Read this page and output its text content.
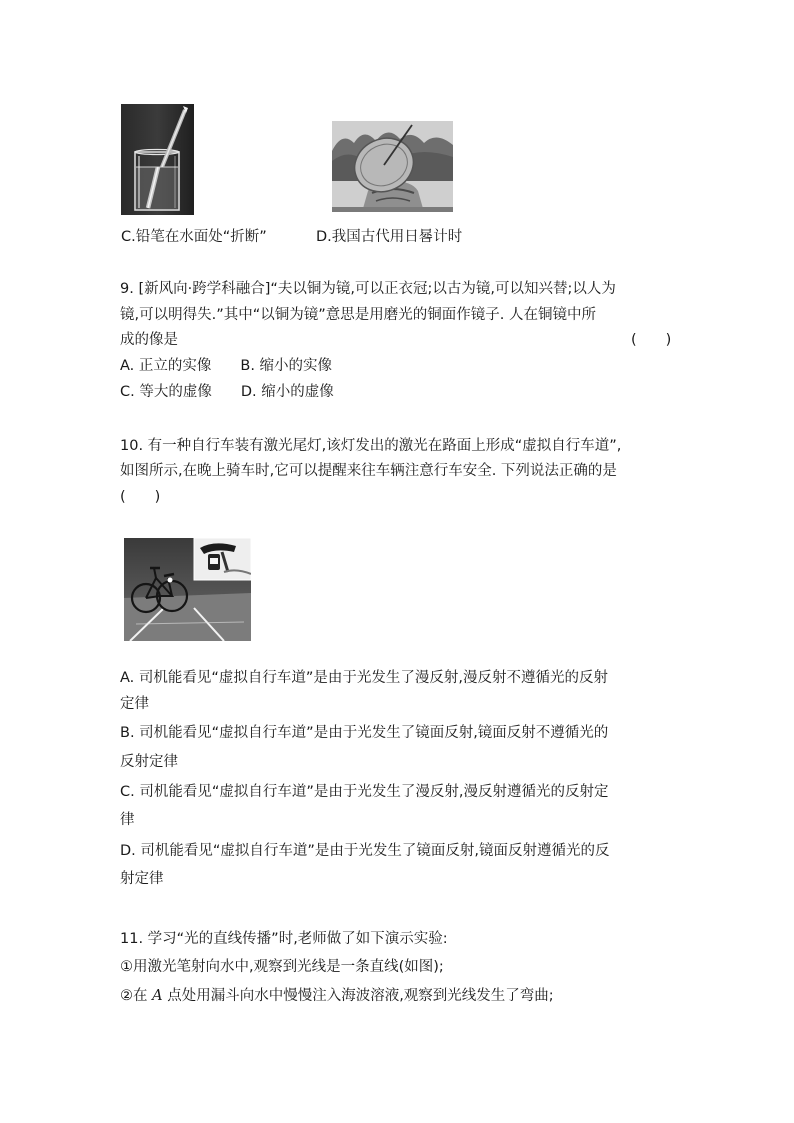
C.铅笔在水面处“折断”	D.我国古代用日晷计时
9. [新风向·跨学科融合]“夫以铜为镜,可以正衣冠;以古为镜,可以知兴替;以人为
镜,可以明得失.”其中“以铜为镜”意思是用磨光的铜面作镜子. 人在铜镜中所
成的像是	(　　)
A. 正立的实像　　B. 缩小的实像
C. 等大的虚像　　D. 缩小的虚像
10. 有一种自行车装有激光尾灯,该灯发出的激光在路面上形成“虚拟自行车道”,
如图所示,在晚上骑车时,它可以提醒来往车辆注意行车安全. 下列说法正确的是
(　　)
A. 司机能看见“虚拟自行车道”是由于光发生了漫反射,漫反射不遵循光的反射
定律
B. 司机能看见“虚拟自行车道”是由于光发生了镜面反射,镜面反射不遵循光的
反射定律
C. 司机能看见“虚拟自行车道”是由于光发生了漫反射,漫反射遵循光的反射定
律
D. 司机能看见“虚拟自行车道”是由于光发生了镜面反射,镜面反射遵循光的反
射定律
11. 学习“光的直线传播”时,老师做了如下演示实验:
①用激光笔射向水中,观察到光线是一条直线(如图);
②在 A 点处用漏斗向水中慢慢注入海波溶液,观察到光线发生了弯曲;
